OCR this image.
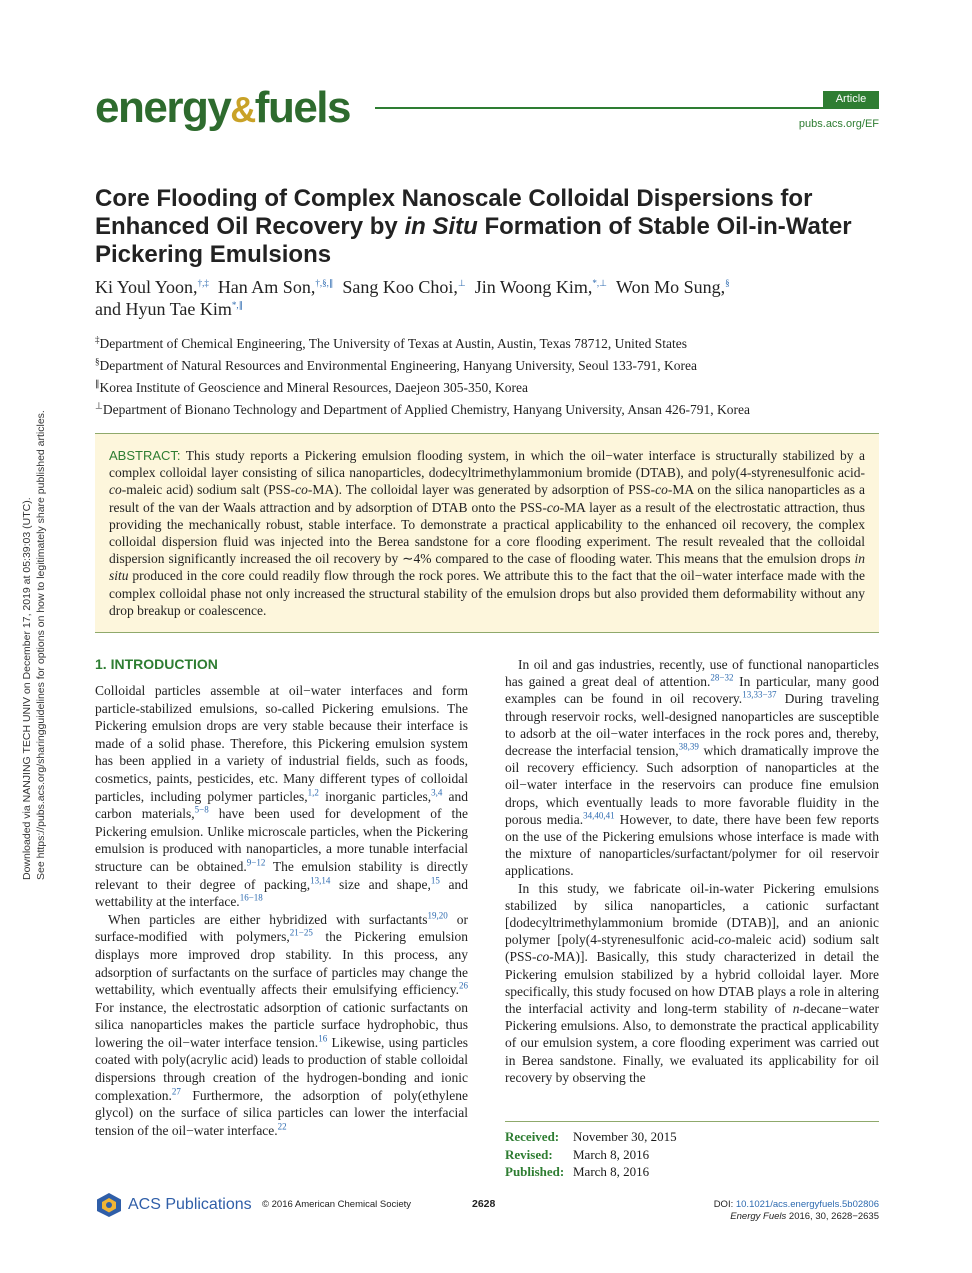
Downloaded via NANJING TECH UNIV on December 17, 2019 at 05:39:03 (UTC). See https://pubs.acs.org/sharingguidelines for options on how to legitimately share published articles.
energy&fuels	Article
pubs.acs.org/EF
Core Flooding of Complex Nanoscale Colloidal Dispersions for Enhanced Oil Recovery by in Situ Formation of Stable Oil-in-Water Pickering Emulsions
Ki Youl Yoon,†,‡ Han Am Son,†,§,∥ Sang Koo Choi,⊥ Jin Woong Kim,*,⊥ Won Mo Sung,§
and Hyun Tae Kim*,∥
‡Department of Chemical Engineering, The University of Texas at Austin, Austin, Texas 78712, United States
§Department of Natural Resources and Environmental Engineering, Hanyang University, Seoul 133-791, Korea
∥Korea Institute of Geoscience and Mineral Resources, Daejeon 305-350, Korea
⊥Department of Bionano Technology and Department of Applied Chemistry, Hanyang University, Ansan 426-791, Korea
ABSTRACT: This study reports a Pickering emulsion flooding system, in which the oil−water interface is structurally stabilized by a complex colloidal layer consisting of silica nanoparticles, dodecyltrimethylammonium bromide (DTAB), and poly(4-styrenesulfonic acid-co-maleic acid) sodium salt (PSS-co-MA). The colloidal layer was generated by adsorption of PSS-co-MA on the silica nanoparticles as a result of the van der Waals attraction and by adsorption of DTAB onto the PSS-co-MA layer as a result of the electrostatic attraction, thus providing the mechanically robust, stable interface. To demonstrate a practical applicability to the enhanced oil recovery, the complex colloidal dispersion fluid was injected into the Berea sandstone for a core flooding experiment. The result revealed that the colloidal dispersion significantly increased the oil recovery by ∼4% compared to the case of flooding water. This means that the emulsion drops in situ produced in the core could readily flow through the rock pores. We attribute this to the fact that the oil−water interface made with the complex colloidal phase not only increased the structural stability of the emulsion drops but also provided them deformability without any drop breakup or coalescence.
1. INTRODUCTION

Colloidal particles assemble at oil−water interfaces and form particle-stabilized emulsions, so-called Pickering emulsions. The Pickering emulsion drops are very stable because their interface is made of a solid phase. Therefore, this Pickering emulsion system has been applied in a variety of industrial fields, such as foods, cosmetics, paints, pesticides, etc. Many different types of colloidal particles, including polymer particles,$^{1,2}$ inorganic particles,$^{3,4}$ and carbon materials,$^{5-8}$ have been used for development of the Pickering emulsion. Unlike microscale particles, when the Pickering emulsion is produced with nanoparticles, a more tunable interfacial structure can be obtained.$^{9-12}$ The emulsion stability is directly relevant to their degree of packing,$^{13,14}$ size and shape,$^{15}$ and wettability at the interface.$^{16-18}$

When particles are either hybridized with surfactants$^{19,20}$ or surface-modified with polymers,$^{21-25}$ the Pickering emulsion displays more improved drop stability. In this process, any adsorption of surfactants on the surface of particles may change the wettability, which eventually affects their emulsifying efficiency.$^{26}$ For instance, the electrostatic adsorption of cationic surfactants on silica nanoparticles makes the particle surface hydrophobic, thus lowering the oil−water interface tension.$^{16}$ Likewise, using particles coated with poly(acrylic acid) leads to production of stable colloidal dispersions through creation of the hydrogen-bonding and ionic complexation.$^{27}$ Furthermore, the adsorption of poly(ethylene glycol) on the surface of silica particles can lower the interfacial tension of the oil−water interface.$^{22}$

In oil and gas industries, recently, use of functional nanoparticles has gained a great deal of attention.$^{28-32}$ In particular, many good examples can be found in oil recovery.$^{13,33-37}$ During traveling through reservoir rocks, well-designed nanoparticles are susceptible to adsorb at the oil−water interfaces in the rock pores and, thereby, decrease the interfacial tension,$^{38,39}$ which dramatically improve the oil recovery efficiency. Such adsorption of nanoparticles at the oil−water interface in the reservoirs can produce fine emulsion drops, which eventually leads to more favorable fluidity in the porous media.$^{34,40,41}$ However, to date, there have been few reports on the use of the Pickering emulsions whose interface is made with the mixture of nanoparticles/surfactant/polymer for oil reservoir applications.

In this study, we fabricate oil-in-water Pickering emulsions stabilized by silica nanoparticles, a cationic surfactant [dodecyltrimethylammonium bromide (DTAB)], and an anionic polymer [poly(4-styrenesulfonic acid-co-maleic acid) sodium salt (PSS-co-MA)]. Basically, this study characterized in detail the Pickering emulsion stabilized by a hybrid colloidal layer. More specifically, this study focused on how DTAB plays a role in altering the interfacial activity and long-term stability of n-decane−water Pickering emulsions. Also, to demonstrate the practical applicability of our emulsion system, a core flooding experiment was carried out in Berea sandstone. Finally, we evaluated its applicability for oil recovery by observing the

Received: November 30, 2015
Revised: March 8, 2016
Published: March 8, 2016
ACS Publications © 2016 American Chemical Society	2628	DOI: 10.1021/acs.energyfuels.5b02806
Energy Fuels 2016, 30, 2628−2635
